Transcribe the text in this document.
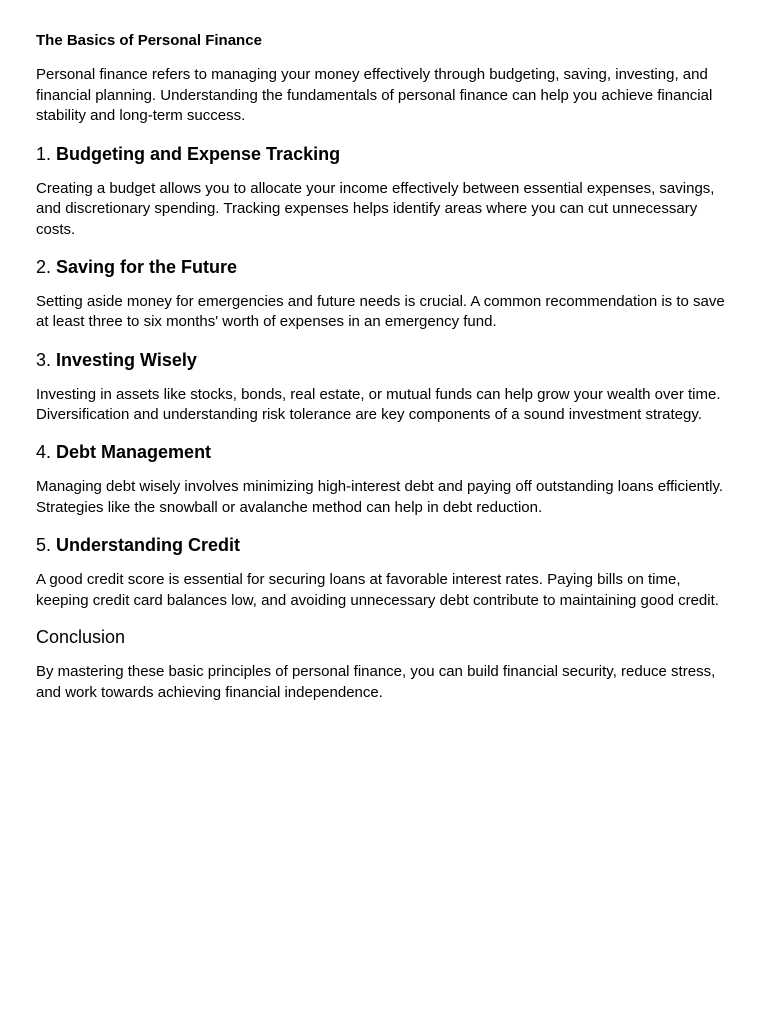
The Basics of Personal Finance

Personal finance refers to managing your money effectively through budgeting, saving, investing, and financial planning. Understanding the fundamentals of personal finance can help you achieve financial stability and long-term success.

1. Budgeting and Expense Tracking

Creating a budget allows you to allocate your income effectively between essential expenses, savings, and discretionary spending. Tracking expenses helps identify areas where you can cut unnecessary costs.

2. Saving for the Future

Setting aside money for emergencies and future needs is crucial. A common recommendation is to save at least three to six months' worth of expenses in an emergency fund.

3. Investing Wisely

Investing in assets like stocks, bonds, real estate, or mutual funds can help grow your wealth over time. Diversification and understanding risk tolerance are key components of a sound investment strategy.

4. Debt Management

Managing debt wisely involves minimizing high-interest debt and paying off outstanding loans efficiently. Strategies like the snowball or avalanche method can help in debt reduction.

5. Understanding Credit

A good credit score is essential for securing loans at favorable interest rates. Paying bills on time, keeping credit card balances low, and avoiding unnecessary debt contribute to maintaining good credit.

Conclusion

By mastering these basic principles of personal finance, you can build financial security, reduce stress, and work towards achieving financial independence.
